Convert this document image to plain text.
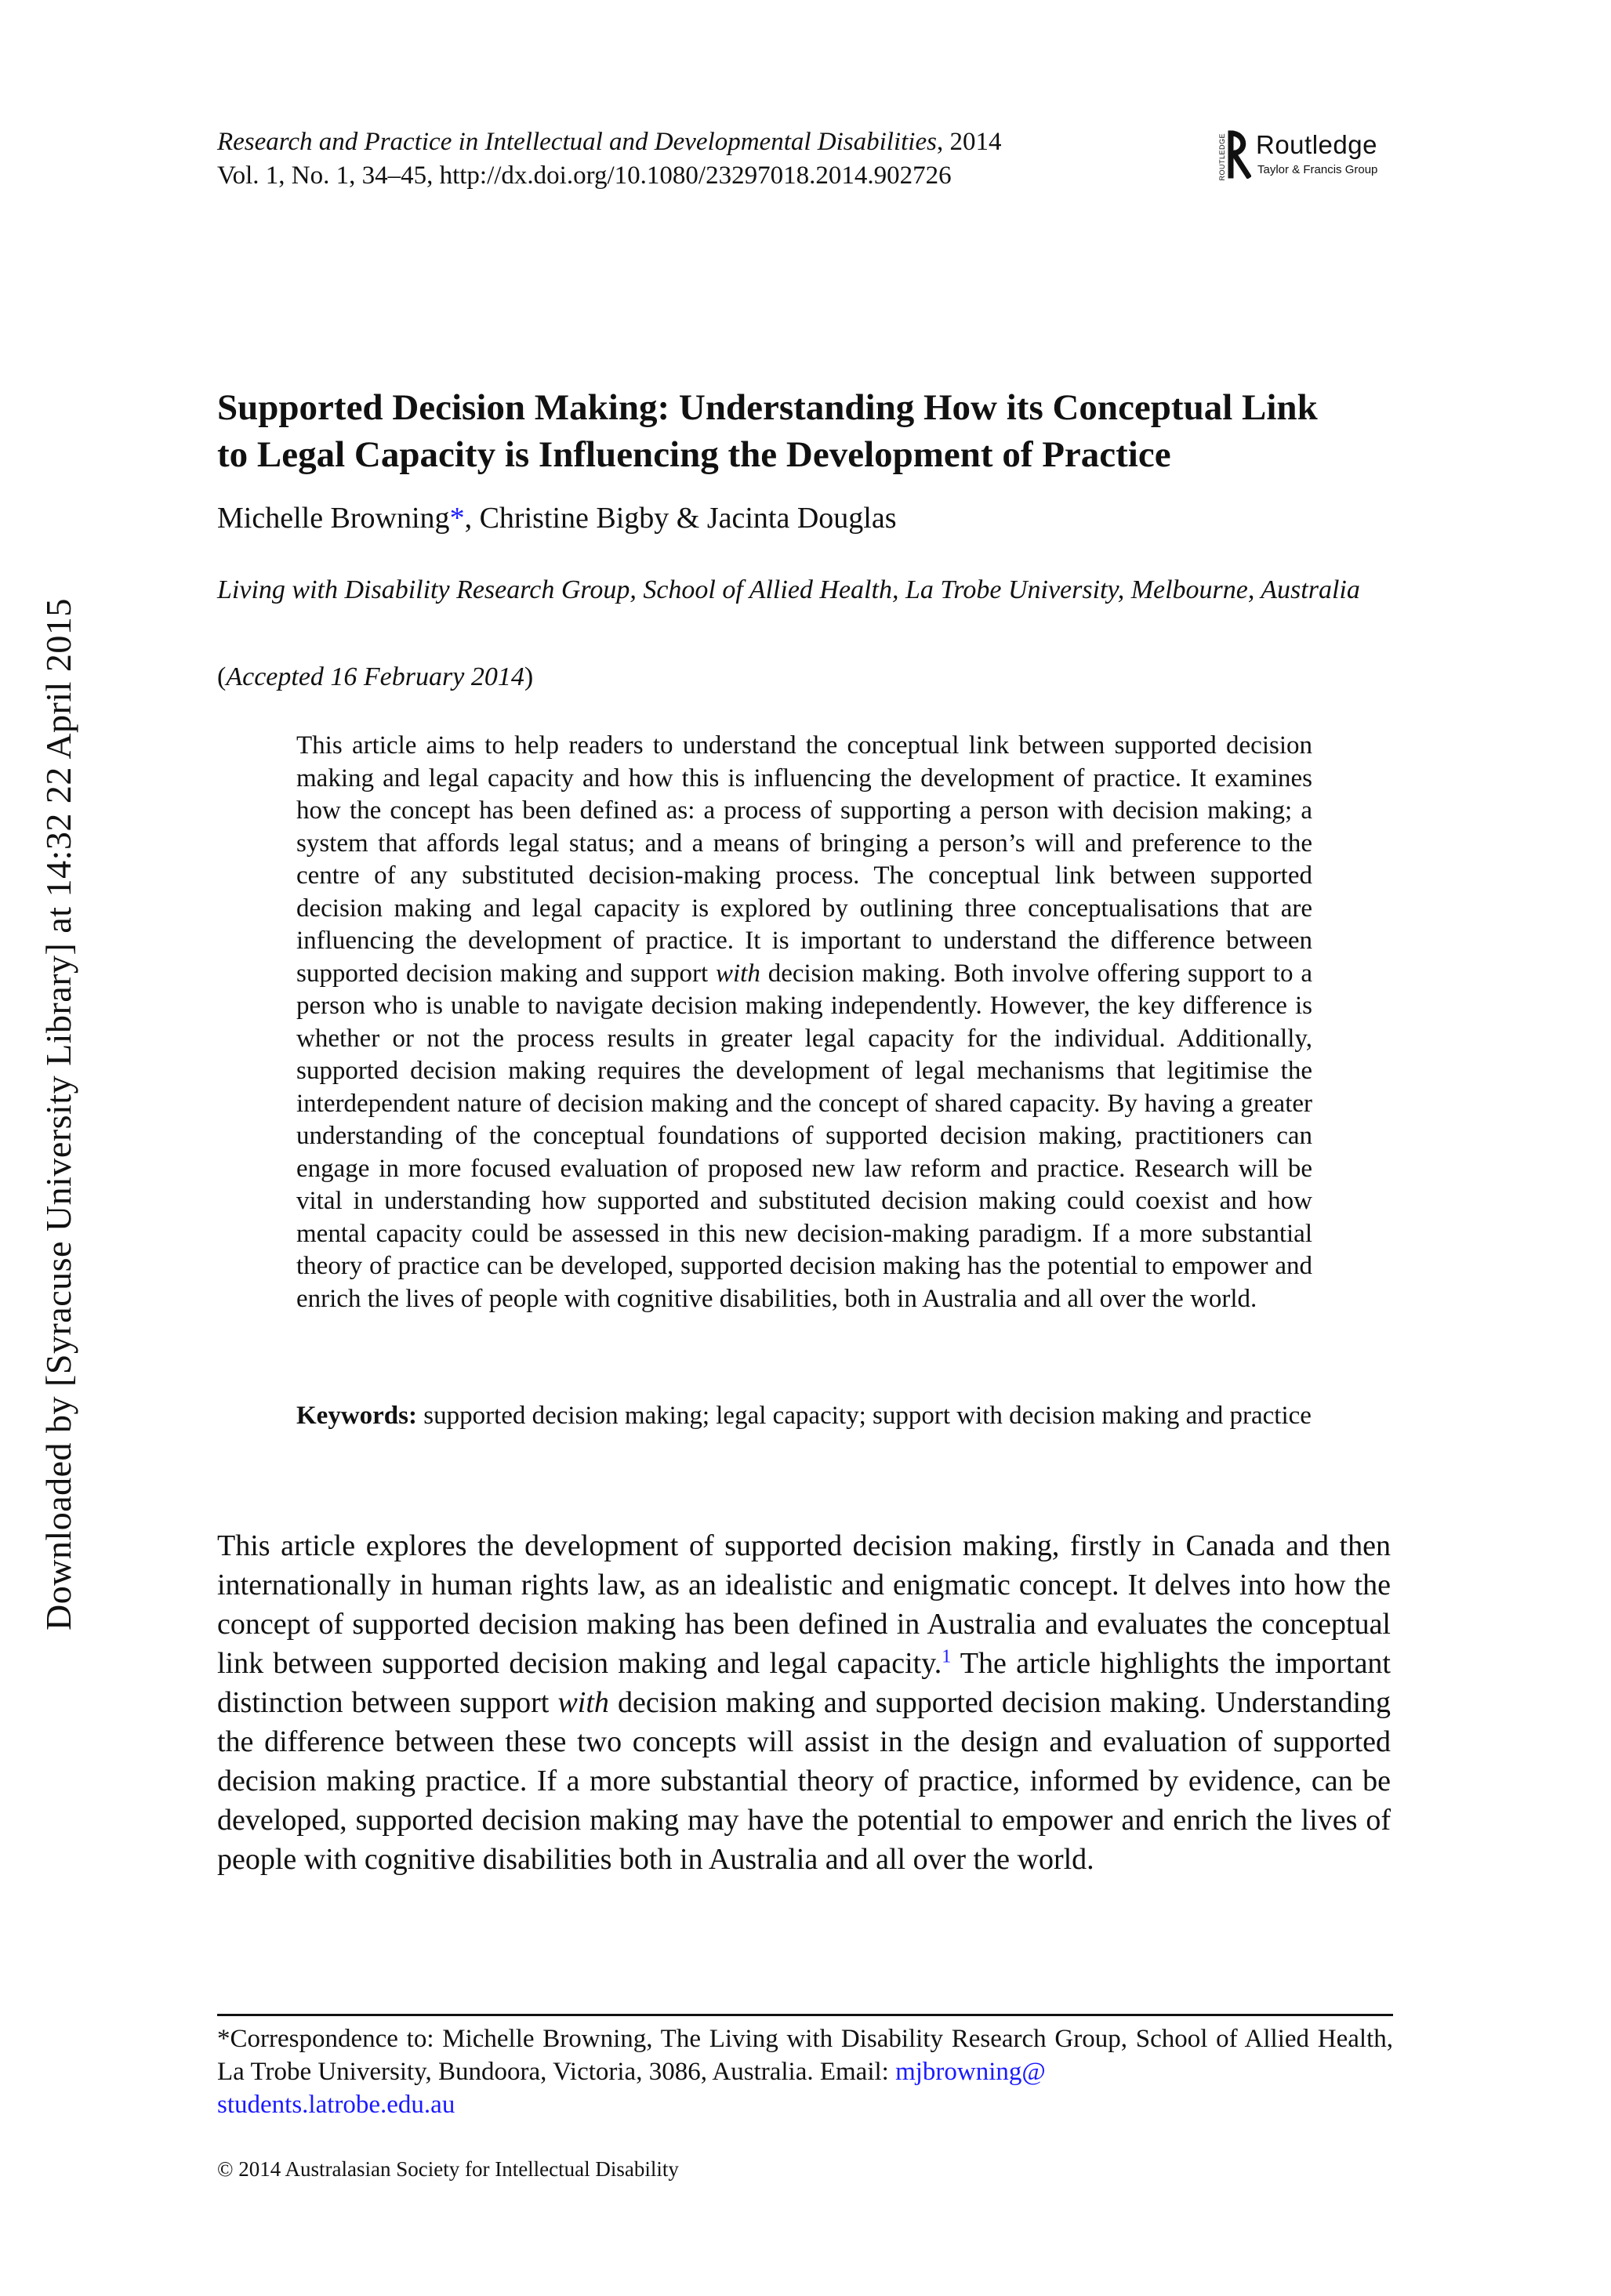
Research and Practice in Intellectual and Developmental Disabilities, 2014
Vol. 1, No. 1, 34–45, http://dx.doi.org/10.1080/23297018.2014.902726	ROUTLEDGE Routledge
Taylor & Francis Group
Downloaded by [Syracuse University Library] at 14:32 22 April 2015
Supported Decision Making: Understanding How its Conceptual Link
to Legal Capacity is Influencing the Development of Practice
Michelle Browning*, Christine Bigby & Jacinta Douglas
Living with Disability Research Group, School of Allied Health, La Trobe University, Melbourne, Australia
(Accepted 16 February 2014)
This article aims to help readers to understand the conceptual link between supported decision making and legal capacity and how this is influencing the development of practice. It examines how the concept has been defined as: a process of supporting a person with decision making; a system that affords legal status; and a means of bringing a person’s will and preference to the centre of any substituted decision-making process. The conceptual link between supported decision making and legal capacity is explored by outlining three conceptualisations that are influencing the development of practice. It is important to understand the difference between supported decision making and support with decision making. Both involve offering support to a person who is unable to navigate decision making independently. However, the key difference is whether or not the process results in greater legal capacity for the individual. Additionally, supported decision making requires the development of legal mechanisms that legitimise the interdependent nature of decision making and the concept of shared capacity. By having a greater understanding of the conceptual foundations of supported decision making, practitioners can engage in more focused evaluation of proposed new law reform and practice. Research will be vital in understanding how supported and substituted decision making could coexist and how mental capacity could be assessed in this new decision-making paradigm. If a more substantial theory of practice can be developed, supported decision making has the potential to empower and enrich the lives of people with cognitive disabilities, both in Australia and all over the world.
Keywords: supported decision making; legal capacity; support with decision making and practice
This article explores the development of supported decision making, firstly in Canada and then internationally in human rights law, as an idealistic and enigmatic concept. It delves into how the concept of supported decision making has been defined in Australia and evaluates the conceptual link between supported decision making and legal capacity.$^1$ The article highlights the important distinction between support with decision making and supported decision making. Understanding the difference between these two concepts will assist in the design and evaluation of supported decision making practice. If a more substantial theory of practice, informed by evidence, can be developed, supported decision making may have the potential to empower and enrich the lives of people with cognitive disabilities both in Australia and all over the world.
*Correspondence to: Michelle Browning, The Living with Disability Research Group, School of Allied Health, La Trobe University, Bundoora, Victoria, 3086, Australia. Email: mjbrowning@
students.latrobe.edu.au
© 2014 Australasian Society for Intellectual Disability
